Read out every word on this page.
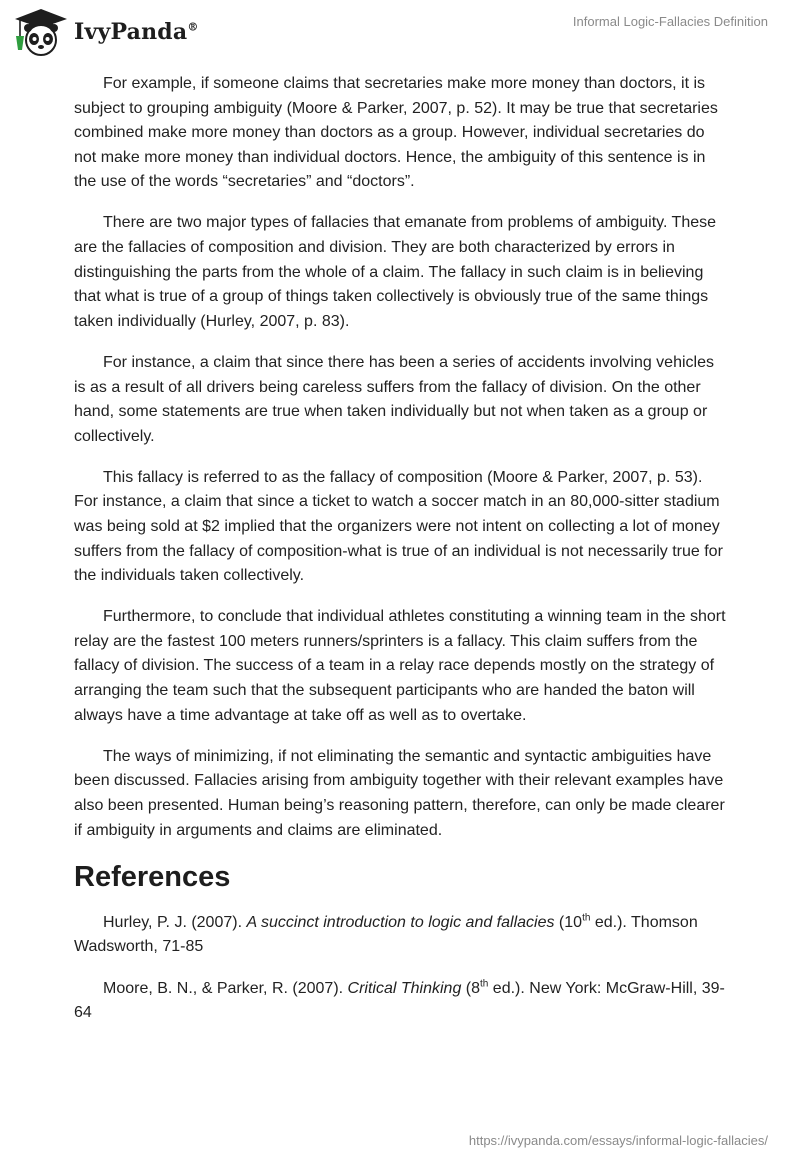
IvyPanda®	Informal Logic-Fallacies Definition

For example, if someone claims that secretaries make more money than doctors, it is subject to grouping ambiguity (Moore & Parker, 2007, p. 52). It may be true that secretaries combined make more money than doctors as a group. However, individual secretaries do not make more money than individual doctors. Hence, the ambiguity of this sentence is in the use of the words “secretaries” and “doctors”.

There are two major types of fallacies that emanate from problems of ambiguity. These are the fallacies of composition and division. They are both characterized by errors in distinguishing the parts from the whole of a claim. The fallacy in such claim is in believing that what is true of a group of things taken collectively is obviously true of the same things taken individually (Hurley, 2007, p. 83).

For instance, a claim that since there has been a series of accidents involving vehicles is as a result of all drivers being careless suffers from the fallacy of division. On the other hand, some statements are true when taken individually but not when taken as a group or collectively.

This fallacy is referred to as the fallacy of composition (Moore & Parker, 2007, p. 53). For instance, a claim that since a ticket to watch a soccer match in an 80,000-sitter stadium was being sold at $2 implied that the organizers were not intent on collecting a lot of money suffers from the fallacy of composition-what is true of an individual is not necessarily true for the individuals taken collectively.

Furthermore, to conclude that individual athletes constituting a winning team in the short relay are the fastest 100 meters runners/sprinters is a fallacy. This claim suffers from the fallacy of division. The success of a team in a relay race depends mostly on the strategy of arranging the team such that the subsequent participants who are handed the baton will always have a time advantage at take off as well as to overtake.

The ways of minimizing, if not eliminating the semantic and syntactic ambiguities have been discussed. Fallacies arising from ambiguity together with their relevant examples have also been presented. Human being’s reasoning pattern, therefore, can only be made clearer if ambiguity in arguments and claims are eliminated.

References

Hurley, P. J. (2007). A succinct introduction to logic and fallacies (10th ed.). Thomson Wadsworth, 71-85

Moore, B. N., & Parker, R. (2007). Critical Thinking (8th ed.). New York: McGraw-Hill, 39-64

https://ivypanda.com/essays/informal-logic-fallacies/
